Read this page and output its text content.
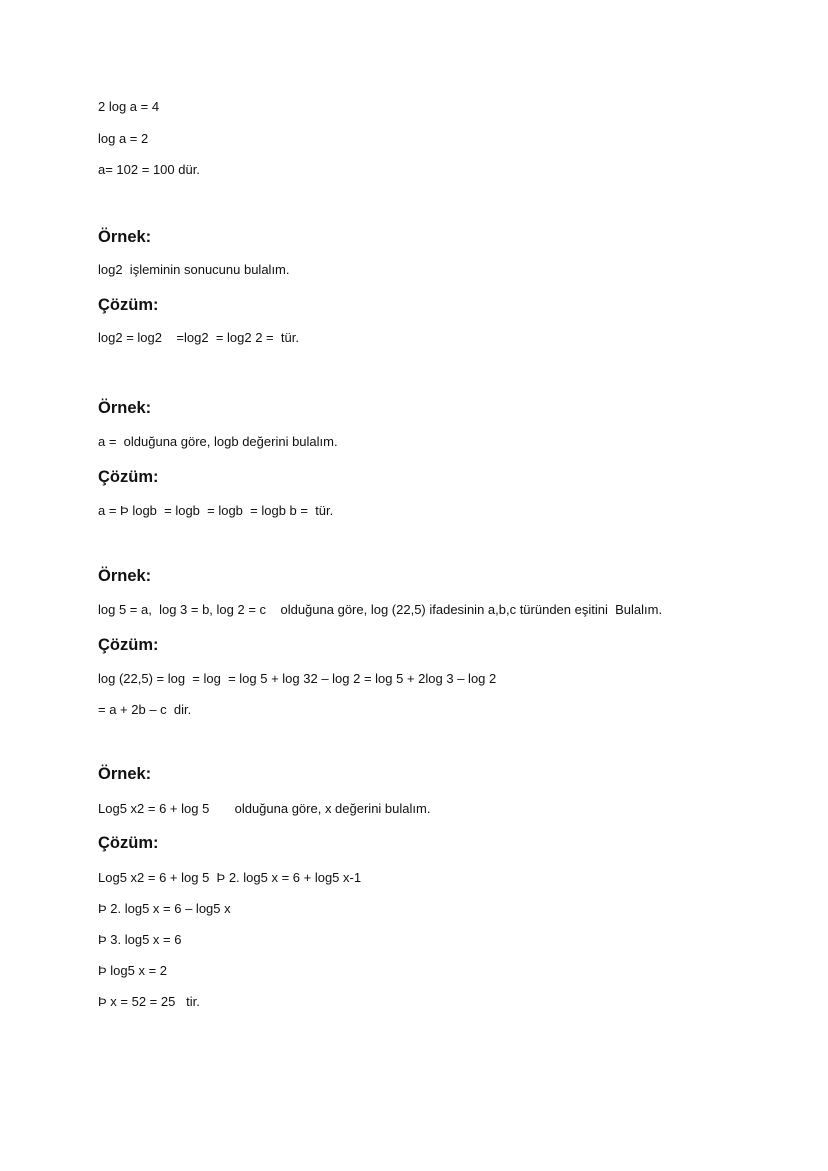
2 log a = 4
log a = 2
a= 102 = 100 dür.
Örnek:
log2  işleminin sonucunu bulalım.
Çözüm:
log2 = log2    =log2  = log2 2 =  tür.
Örnek:
a =  olduğuna göre, logb değerini bulalım.
Çözüm:
a = Þ logb  = logb  = logb  = logb b =  tür.
Örnek:
log 5 = a,  log 3 = b, log 2 = c    olduğuna göre, log (22,5) ifadesinin a,b,c türünden eşitini  Bulalım.
Çözüm:
log (22,5) = log  = log  = log 5 + log 32 – log 2 = log 5 + 2log 3 – log 2
= a + 2b – c  dir.
Örnek:
Log5 x2 = 6 + log 5       olduğuna göre, x değerini bulalım.
Çözüm:
Log5 x2 = 6 + log 5  Þ 2. log5 x = 6 + log5 x-1
Þ 2. log5 x = 6 – log5 x
Þ 3. log5 x = 6
Þ log5 x = 2
Þ x = 52 = 25   tir.
